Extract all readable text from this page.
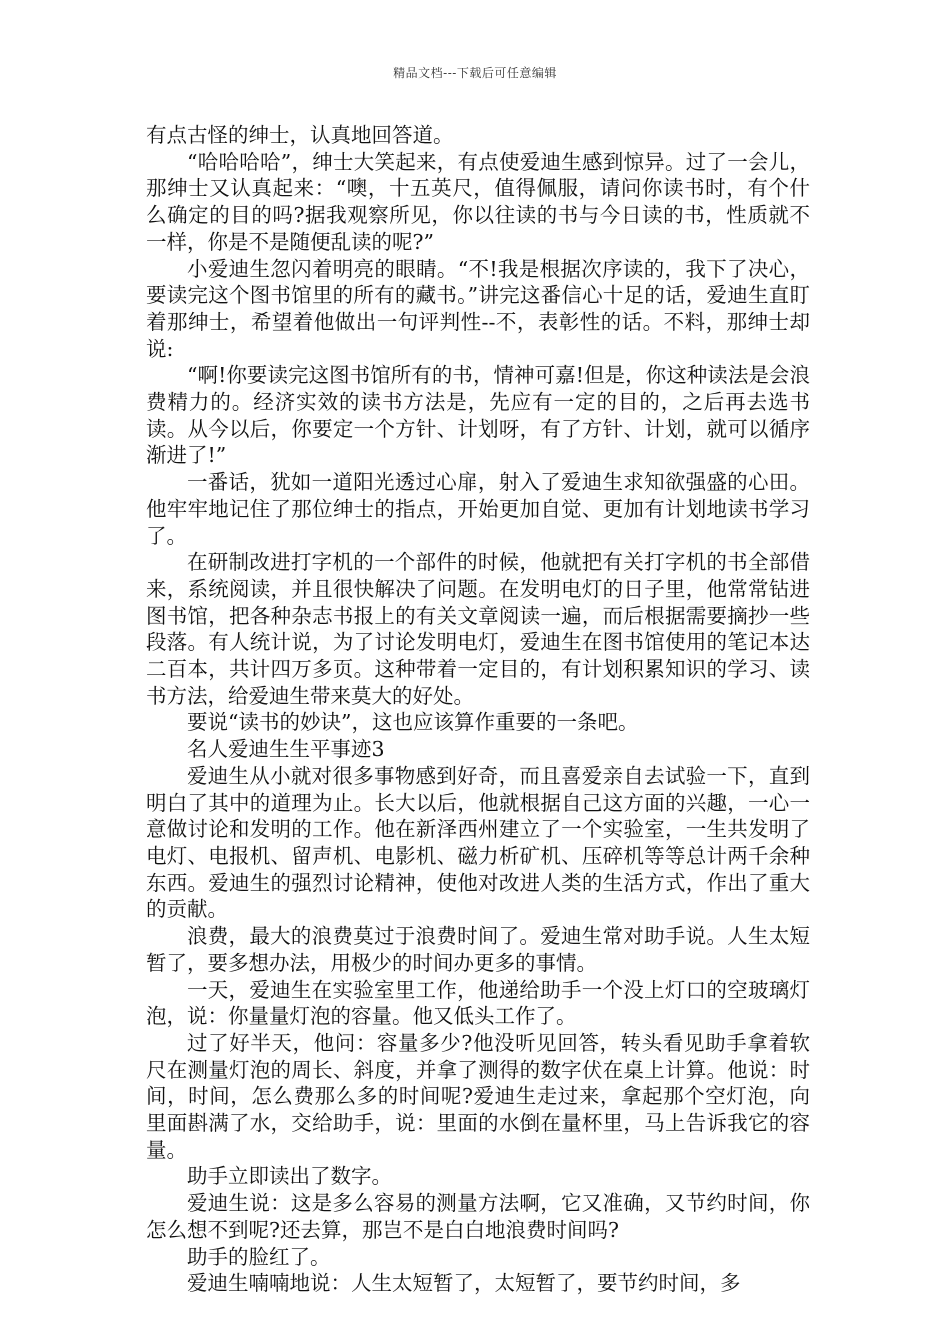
精品文档---下载后可任意编辑

有点古怪的绅士，认真地回答道。

“哈哈哈哈”，绅士大笑起来，有点使爱迪生感到惊异。过了一会儿，那绅士又认真起来：“噢，十五英尺，值得佩服，请问你读书时，有个什么确定的目的吗?据我观察所见，你以往读的书与今日读的书，性质就不一样，你是不是随便乱读的呢?”

小爱迪生忽闪着明亮的眼睛。“不!我是根据次序读的，我下了决心，要读完这个图书馆里的所有的藏书。”讲完这番信心十足的话，爱迪生直盯着那绅士，希望着他做出一句评判性--不，表彰性的话。不料，那绅士却说:

“啊!你要读完这图书馆所有的书，情神可嘉!但是，你这种读法是会浪费精力的。经济实效的读书方法是，先应有一定的目的，之后再去选书读。从今以后，你要定一个方针、计划呀，有了方针、计划，就可以循序渐进了!”

一番话，犹如一道阳光透过心扉，射入了爱迪生求知欲强盛的心田。他牢牢地记住了那位绅士的指点，开始更加自觉、更加有计划地读书学习了。

在研制改进打字机的一个部件的时候，他就把有关打字机的书全部借来，系统阅读，并且很快解决了问题。在发明电灯的日子里，他常常钻进图书馆，把各种杂志书报上的有关文章阅读一遍，而后根据需要摘抄一些段落。有人统计说，为了讨论发明电灯，爱迪生在图书馆使用的笔记本达二百本，共计四万多页。这种带着一定目的，有计划积累知识的学习、读书方法，给爱迪生带来莫大的好处。

要说“读书的妙诀”，这也应该算作重要的一条吧。

名人爱迪生生平事迹3

爱迪生从小就对很多事物感到好奇，而且喜爱亲自去试验一下，直到明白了其中的道理为止。长大以后，他就根据自己这方面的兴趣，一心一意做讨论和发明的工作。他在新泽西州建立了一个实验室，一生共发明了电灯、电报机、留声机、电影机、磁力析矿机、压碎机等等总计两千余种东西。爱迪生的强烈讨论精神，使他对改进人类的生活方式，作出了重大的贡献。

浪费，最大的浪费莫过于浪费时间了。爱迪生常对助手说。人生太短暂了，要多想办法，用极少的时间办更多的事情。

一天，爱迪生在实验室里工作，他递给助手一个没上灯口的空玻璃灯泡，说：你量量灯泡的容量。他又低头工作了。

过了好半天，他问：容量多少?他没听见回答，转头看见助手拿着软尺在测量灯泡的周长、斜度，并拿了测得的数字伏在桌上计算。他说：时间，时间，怎么费那么多的时间呢?爱迪生走过来，拿起那个空灯泡，向里面斟满了水，交给助手，说：里面的水倒在量杯里，马上告诉我它的容量。

助手立即读出了数字。

爱迪生说：这是多么容易的测量方法啊，它又准确，又节约时间，你怎么想不到呢?还去算，那岂不是白白地浪费时间吗?

助手的脸红了。

爱迪生喃喃地说：人生太短暂了，太短暂了，要节约时间，多
